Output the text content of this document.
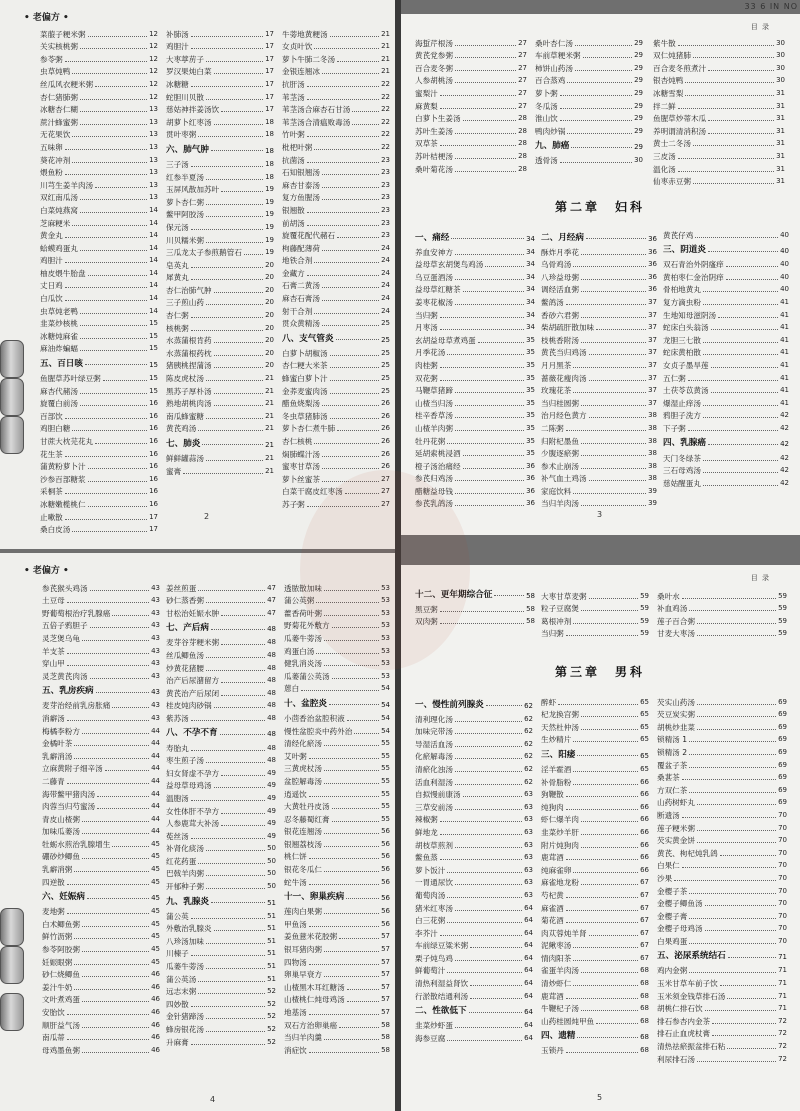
• 老偏方 •
菜菔子粳米粥	12
关实核桃粥	12
参苓粥	12
虫草炖鸭	12
丝瓜风衣粳米粥	12
杏仁猪肺粥	12
冰糖杏仁糊	13
蔗汁蜂蜜粥	13
无花果饮	13
五味卵	13
葵花冲剂	13
煨鱼粉	13
川芎生姜羊肉汤	13
双红南瓜汤	13
白菜炖燕窝	14
芝麻粳米	14
黄金丸	14
蛤蟆鸡蛋丸	14
鸡胆汁	14
柚皮煨牛胎盘	14
丈日鸡	14
白瓜饮	14
虫草炖老鸭	14
韭菜炒核桃	15
冰糖炖麻雀	15
麻油炸蝙蝠	15
五、百日咳	15
鱼腥草苏叶绿豆粥	15
麻杏代赭汤	15
旋覆白前汤	16
百部饮	16
鸡胆白糖	16
甘蔗大枕芫花丸	16
花生茶	16
蒲黄粉萝卜汁	16
沙参百部糖浆	16
采桐茶	16
冰糖嫩榄桃仁	16
止嗽散	17
桑白皮汤	17
补肺汤	17
鸡胆汁	17
大枣葶苈子	17
罗汉果炖白菜	17
冰糖糖	17
蛇胆川贝散	17
慈姑神拌姜汤饮	17
胡萝卜红枣汤	18
贯叶枣粥	18
六、肺气肿	18
三子汤	18
红参半夏汤	18
玉屏风散加苏叶	19
萝卜杏仁粥	19
鳖甲阿胶汤	19
保元汤	19
川贝糯米粥	19
三瓜龙太子参煎鹅管石	19
皂英丸	20
犀黄丸	20
杏仁治肺气肿	20
三子煎山药	20
杏仁粥	20
核桃粥	20
水蒸蒲根肯药	20
水蒸蒲根药枕	20
猪胰桃捏蒲汤	20
陈皮虎杖汤	21
黑苏子厚朴汤	21
熟地胡桃肉汤	21
南瓜蜂蜜糖	21
黄芪鸡汤	21
七、肺炎	21
鲜鲜罐蒜汤	21
蜜膏	21
牛蒡地黄粳汤	21
女贞叶饮	21
萝卜牛肺二冬汤	21
金银连翘冰	21
抗肝汤	22
苇茎汤	22
苇茎汤合麻杏石甘汤	22
苇茎汤合清瘟败毒汤	22
竹叶粥	22
枇杷叶粥	22
抗菌汤	23
石知银翘汤	23
麻杏甘泰汤	23
复方鱼腥汤	23
银翘散	23
前胡汤	23
旋覆花配代赭石	23
枸藤配薄荷	24
地铁合剂	24
金藏方	24
石膏二黄汤	24
麻杏石膏汤	24
射干合剂	24
贯众黄精汤	25
八、支气管炎	25
白萝卜胡椒汤	25
杏仁粳大米茶	25
蜂蜜白萝卜汁	25
金荞麦蜜肉汤	25
醋鱼烧梨汤	26
冬虫草猪肺汤	26
萝卜杏仁煮牛肺	26
杏仁核桃	26
焖肺蝶汁汤	26
蜜枣甘草汤	26
萝卜丝蜜茶	27
白菜干腐皮红枣汤	27
苏子粥	27
2
目 录
海蜇芹根汤	27
黄芪党参粥	27
百合麦冬粥	27
人参胡桃汤	27
蜜梨汁	27
麻黄梨	27
白萝卜生姜汤	28
苏叶生姜汤	28
双草茶	28
苏叶桔梗汤	28
桑叶菊花汤	28
桑叶杏仁汤	29
车前草粳米粥	29
柿饼山药汤	29
百合蒸鸡	29
萝卜粥	29
冬瓜汤	29
淮山饮	29
鸭肉炒锅	29
九、肺癌	29
透骨汤	30
紫牛散	30
双仁炖猪肺	30
百合麦冬煎煮汁	30
银杏炖鸭	30
冰糖雪梨	31
拌二鲜	31
鱼腥草炒蒂木瓜	31
养明谓清消积汤	31
黄士二冬汤	31
三皮汤	31
温化汤	31
仙枣赤豆粥	31
第二章　妇科
一、痛经	34
养血安神方	34
益母草玄胡煲鸟鸡汤	34
乌豆蛋酒汤	34
益母草红糖茶	34
姜枣花椒汤	34
当归粥	34
月枣汤	34
玄胡益母草煮鸡蛋	35
月季花汤	35
肉桂粥	35
双花粥	35
马鞭草猪蹄	35
山楂当归汤	35
桂辛香草汤	35
山楂羊肉粥	35
牡丹花粥	35
延胡索桃浸酒	35
橙子汤治痛经	36
参芪归鸡汤	36
醋糖益母钱	36
参芪乳鸽汤	36
二、月经病	36
酥炸月季花	36
乌骨鸡汤	36
八珍益母粥	36
调经活血粥	36
鳖鸽汤	37
香砂六君粥	37
柴胡疏肝散加味	37
枝桃香附汤	37
黄芪当归鸡汤	37
月月黑茶	37
蔷薇花瘦肉汤	37
玫瑰花茶	37
当归桂圆粥	37
治月经色黄方	38
二陈粥	38
归附杞墨鱼	38
少腹逐瘀粥	38
参术止崩汤	38
补气血土鸡汤	38
家庭饮料	39
当归羊肉汤	39
黄芪仔鸡	40
三、阴道炎	40
双石青治外阴瘙痒	40
黄柏枣仁金治阴痒	40
骨柏地黄丸	40
复方滴虫粉	41
生地知母滋阴汤	41
蛇床白头翁汤	41
龙胆三七散	41
蛇床黄柏散	41
女贞子墨旱莲	41
五仁粥	41
土茯苓苡黄汤	41
爆湿止痒汤	41
鸦胆子洗方	42
下子粥	42
四、乳腺癌	42
天门冬绿茶	42
三石母鸡汤	42
慈姑醒蛋丸	42
3
33 6 IN NO
• 老偏方 •
参芪猴头鸡汤	43
土豆母	43
野葡萄根治疗乳腺癌	43
五倍子鸦胆子	43
灵芝煲乌龟	43
羊支茶	43
穿山甲	43
灵芝黄芪肉汤	43
五、乳房疾病	43
麦芽治经前乳房胀痛	43
消癖汤	43
梅橘李粉方	44
金橘叶茶	44
乳癖消汤	44
立麻黄附子细辛汤	44
二藤青	44
海带鳖甲猪肉汤	44
肉蓉当归芍蜜汤	44
青皮山楂粥	44
加味瓜蒌汤	44
牡蛎水煎治乳腺增生	45
硼砂炒鲫鱼	45
乳癖消粥	45
四逆散	45
六、妊娠病	45
麦地粥	45
白术鲫鱼粥	45
鲜竹沥粥	45
参苓阿胶粥	45
妊娠眼粥	45
砂仁烧鲫鱼	46
姜汁牛奶	46
文叶煮鸡蛋	46
安胎饮	46
顺肝益气汤	46
南瓜蒂	46
母鸡墨鱼粥	46
姜丝煎蛋	47
砂仁蒸香粥	47
甘松治妊娠水肿	47
七、产后病	48
麦芽谷芽粳米粥	48
丝瓜鲫鱼汤	48
炒黄花猪腰	48
治产后尿潴留方	48
黄芪治产后尿闭	48
桂皮炖肉砂锅	48
紫苏汤	48
八、不孕不育	48
寿胎丸	48
枣生煎子汤	48
妇女肾虚不孕方	49
益母草母鸡汤	49
温胞汤	49
女性体肝不孕方	49
人参鹿茸大补汤	49
莬丝汤	49
补肾化痰汤	50
红花药蛋	50
巴戟羊肉粥	50
开郁种子粥	50
九、乳腺炎	51
蒲公英	51
外敷治乳腺炎	51
八珍汤加味	51
川楝子	51
瓜蒌牛蒡汤	51
蒲公英汤	51
远志末粥	52
四妙散	52
金针猪蹄汤	52
蜂房银花汤	52
升麻膏	52
透脓散加味	53
蒲公英粥	53
藿香荷叶粥	53
野菊花外敷方	53
瓜蒌牛蒡汤	53
鸡蛋白汤	53
健乳消炎汤	53
瓜蒌蒲公英汤	53
蒽白	54
十、盆腔炎	54
小茴香治盆腔积液	54
慢性盆腔炎中药外治	54
清经化瘀汤	55
艾叶粥	55
三黄虎杖汤	55
盆腔解毒汤	55
逍遥饮	55
大黄牡丹皮汤	55
忍冬藤蜀红膏	55
银花连翘汤	56
银翘荔枝汤	56
桃仁饼	56
银花冬瓜仁	56
蛇牛汤	56
十一、卵巢疾病	56
莲肉白果粥	56
甲鱼汤	56
姜鱼薏米花胶粥	57
银耳猪肉粥	57
四物汤	57
卵巢早衰方	57
山楂黑木耳红糖汤	57
山楂桃仁炖母鸡汤	57
地基汤	57
双石方治卵巢癌	58
当归羊肉羹	58
消症饮	58
4
目 录
十二、更年期综合征	58
黑豆粥	58
双肉粥	58
大枣甘草麦粥	59
粒子豆腐煲	59
葛根冲剂	59
当归粥	59
桑叶水	59
补血鸡汤	59
莲子百合粥	59
甘麦大枣汤	59
第三章　男科
一、慢性前列腺炎	62
清利理化汤	62
加味完带汤	62
导湿活血汤	62
化瘀解毒汤	62
清瘀化浊汤	62
活血利湿汤	62
自拟慢前康汤	63
三草安前汤	63
辣椒粥	63
鲜地龙	63
胡枝草煎剂	63
鳖鱼蒸	63
萝卜饭汁	63
一胃通尿饮	63
葡萄肉汤	63
猪米红枣汤	64
白三花粥	64
李芥汁	64
车前绿豆粱米粥	64
栗子炖鸟鸡	64
鲜葡萄汁	64
清热利湿益肾饮	64
行淤散结通利汤	64
二、性欲低下	64
韭菜炒虾蛋	64
海参豆腐	64
醉虾	65
杞龙换宫粥	65
天然杜仲汤	65
生炒精片	65
三、阳痿	65
淫羊霍酒	65
补骨脂粉	66
狗鞭散	66
纯狗肉	66
虾仁爆羊肉	66
韭菜炒羊肝	66
附片炖狗肉	66
鹿茸酒	66
纯麻雀卵	66
麻雀地龙粉	67
芍杞黄	67
麻雀酒	67
菊花酒	67
肉苁蓉炖羊肾	67
泥鳅枣汤	67
情肉阳茶	67
雀蛋羊肉汤	68
清炒虾仁	68
鹿茸酒	68
牛鞭杞子汤	68
山药桂圆炖甲鱼	68
四、遗精	68
玉锁丹	68
芡实山药汤	69
芡豆炭实粥	69
胡桃炒韭菜	69
锁精汤 1	69
锁精汤 2	69
覆盆子茶	69
桑葚茶	69
方双仁茶	69
山药树虾丸	69
断遗汤	70
莲子粳米粥	70
芡实黄金饼	70
黄芪、枸杞炖乳鸽	70
白果仁	70
沙果	70
金樱子茶	70
金樱子鲫鱼汤	70
金樱子膏	70
金樱子母鸡汤	70
白果鸡蛋	70
五、泌尿系统结石	71
鸡内金粥	71
玉米甘草车前子饮	71
玉米须金钱草排石汤	71
胡桃仁排石饮	71
排石参杏内金茶	72
排石止血虎杖膏	72
清热祛瘀振盆排石粘	72
利尿排石汤	72
5
